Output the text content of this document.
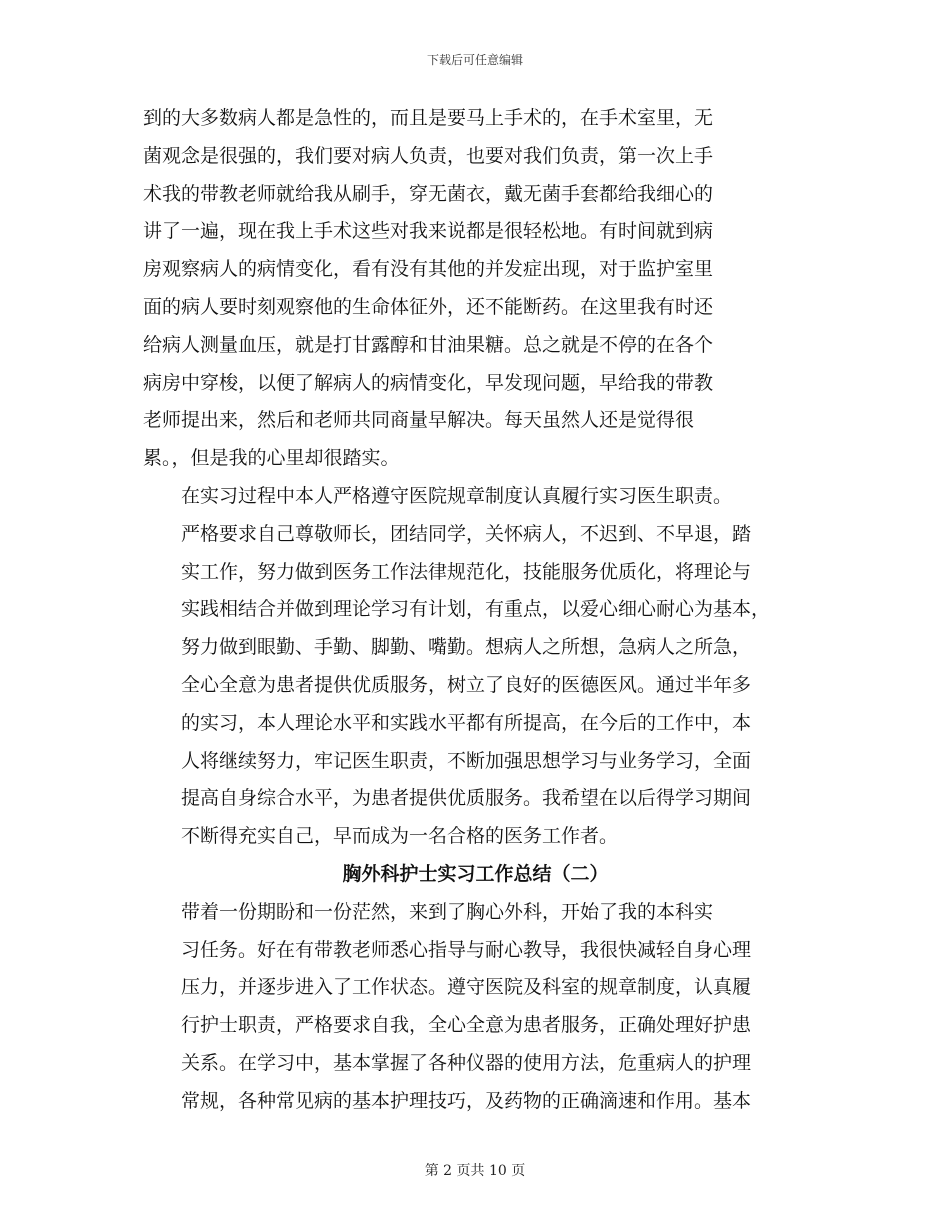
下载后可任意编辑
到的大多数病人都是急性的，而且是要马上手术的，在手术室里，无
菌观念是很强的，我们要对病人负责，也要对我们负责，第一次上手
术我的带教老师就给我从刷手，穿无菌衣，戴无菌手套都给我细心的
讲了一遍，现在我上手术这些对我来说都是很轻松地。有时间就到病
房观察病人的病情变化，看有没有其他的并发症出现，对于监护室里
面的病人要时刻观察他的生命体征外，还不能断药。在这里我有时还
给病人测量血压，就是打甘露醇和甘油果糖。总之就是不停的在各个
病房中穿梭，以便了解病人的病情变化，早发现问题，早给我的带教
老师提出来，然后和老师共同商量早解决。每天虽然人还是觉得很
累。，但是我的心里却很踏实。
在实习过程中本人严格遵守医院规章制度认真履行实习医生职责。
严格要求自己尊敬师长，团结同学，关怀病人，不迟到、不早退，踏
实工作，努力做到医务工作法律规范化，技能服务优质化，将理论与
实践相结合并做到理论学习有计划，有重点，以爱心细心耐心为基本，
努力做到眼勤、手勤、脚勤、嘴勤。想病人之所想，急病人之所急，
全心全意为患者提供优质服务，树立了良好的医德医风。通过半年多
的实习，本人理论水平和实践水平都有所提高，在今后的工作中，本
人将继续努力，牢记医生职责，不断加强思想学习与业务学习，全面
提高自身综合水平，为患者提供优质服务。我希望在以后得学习期间
不断得充实自己，早而成为一名合格的医务工作者。
胸外科护士实习工作总结（二）
带着一份期盼和一份茫然，来到了胸心外科，开始了我的本科实
习任务。好在有带教老师悉心指导与耐心教导，我很快减轻自身心理
压力，并逐步进入了工作状态。遵守医院及科室的规章制度，认真履
行护士职责，严格要求自我，全心全意为患者服务，正确处理好护患
关系。在学习中，基本掌握了各种仪器的使用方法，危重病人的护理
常规，各种常见病的基本护理技巧，及药物的正确滴速和作用。基本
第 2 页共 10 页
